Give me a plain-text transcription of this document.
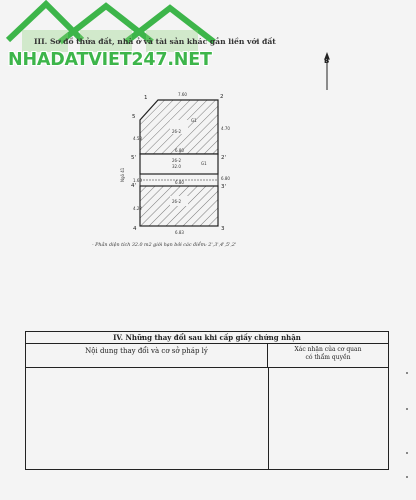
NHADATVIET247.NET
III. Sơ đồ thửa đất, nhà ở và tài sản khác gắn liền với đất
B
26-2
G1
26-2
32.0
G1
26-2
7.60
6.80
6.80
6.83
4.70
4.58
1.60	6.80
4.22
Ngõ 41
1	2
2'
3'
3
4
4'
5'
5
- Phần diện tích 32.0 m2 giới hạn bởi các điểm: 2',3',4',5',2'
IV. Những thay đổi sau khi cấp giấy chứng nhận
Nội dung thay đổi và cơ sở pháp lý	Xác nhận của cơ quan
có thẩm quyền
